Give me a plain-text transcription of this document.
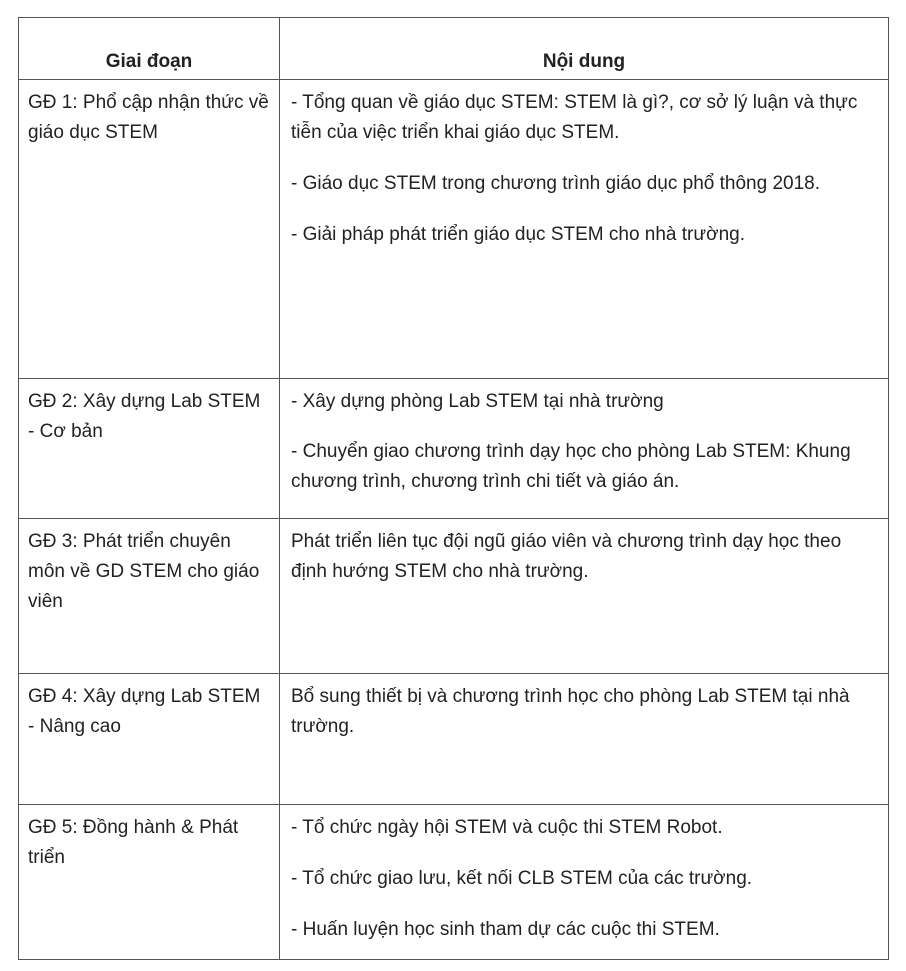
Giai đoạn	Nội dung
GĐ 1: Phổ cập nhận thức về giáo dục STEM	- Tổng quan về giáo dục STEM: STEM là gì?, cơ sở lý luận và thực tiễn của việc triển khai giáo dục STEM.

- Giáo dục STEM trong chương trình giáo dục phổ thông 2018.

- Giải pháp phát triển giáo dục STEM cho nhà trường.

GĐ 2: Xây dựng Lab STEM - Cơ bản	- Xây dựng phòng Lab STEM tại nhà trường

- Chuyển giao chương trình dạy học cho phòng Lab STEM: Khung chương trình, chương trình chi tiết và giáo án.

GĐ 3: Phát triển chuyên môn về GD STEM cho giáo viên	Phát triển liên tục đội ngũ giáo viên và chương trình dạy học theo định hướng STEM cho nhà trường.

GĐ 4: Xây dựng Lab STEM - Nâng cao	Bổ sung thiết bị và chương trình học cho phòng Lab STEM tại nhà trường.

GĐ 5: Đồng hành & Phát triển	- Tổ chức ngày hội STEM và cuộc thi STEM Robot.

- Tổ chức giao lưu, kết nối CLB STEM của các trường.

- Huấn luyện học sinh tham dự các cuộc thi STEM.
